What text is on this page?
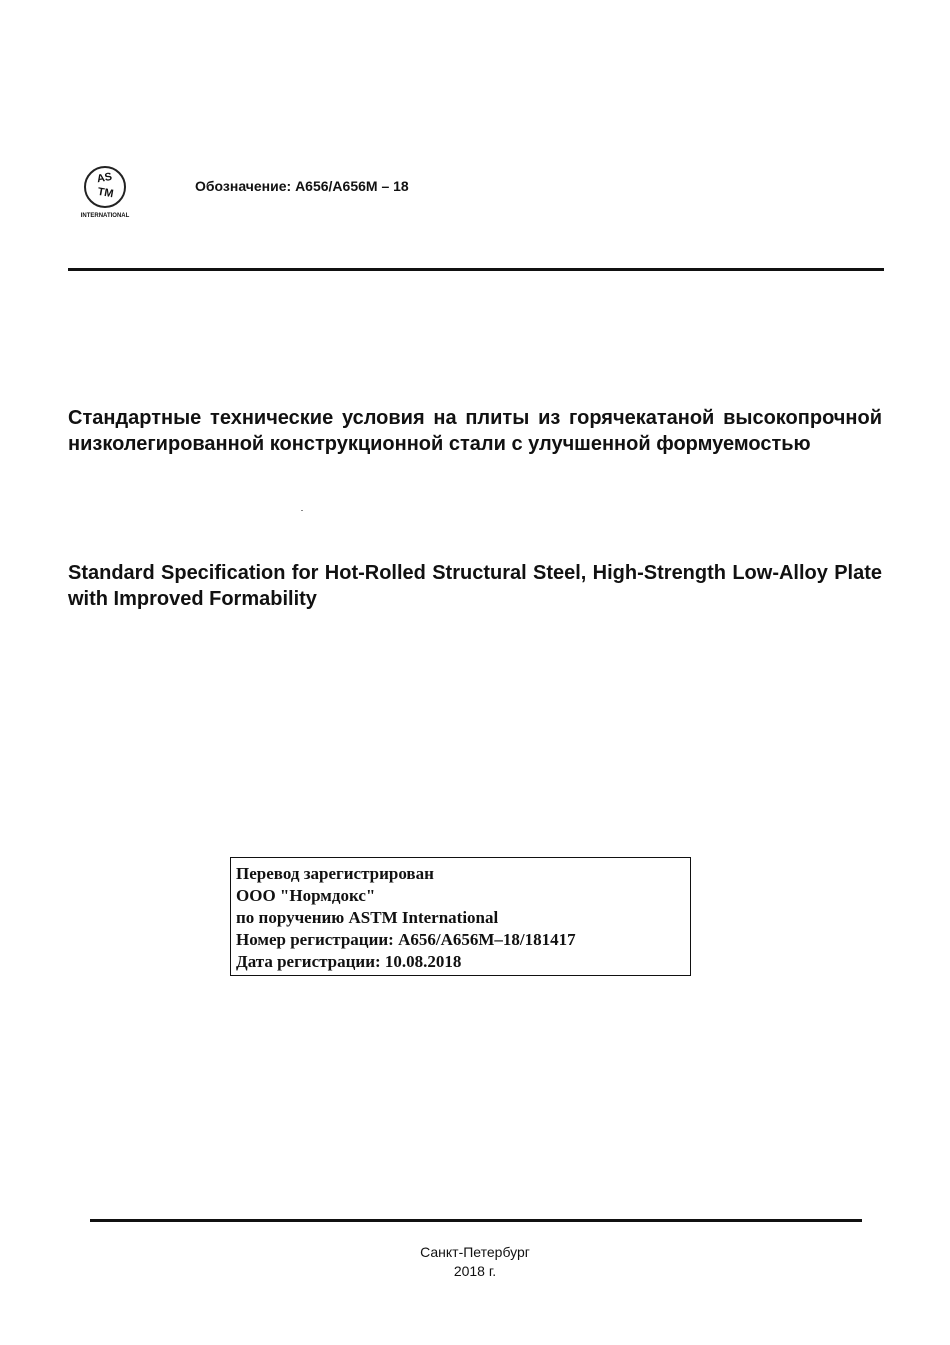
AS
TM
INTERNATIONAL
Обозначение: A656/A656M – 18
Стандартные технические условия на плиты из горячекатаной высокопрочной низколегированной конструкционной стали с улучшенной формуемостью
Standard Specification for Hot-Rolled Structural Steel, High-Strength Low-Alloy Plate with Improved Formability
Перевод зарегистрирован
ООО "Нормдокс"
по поручению ASTM International
Номер регистрации: A656/A656M–18/181417
Дата регистрации: 10.08.2018
Санкт-Петербург
2018 г.
